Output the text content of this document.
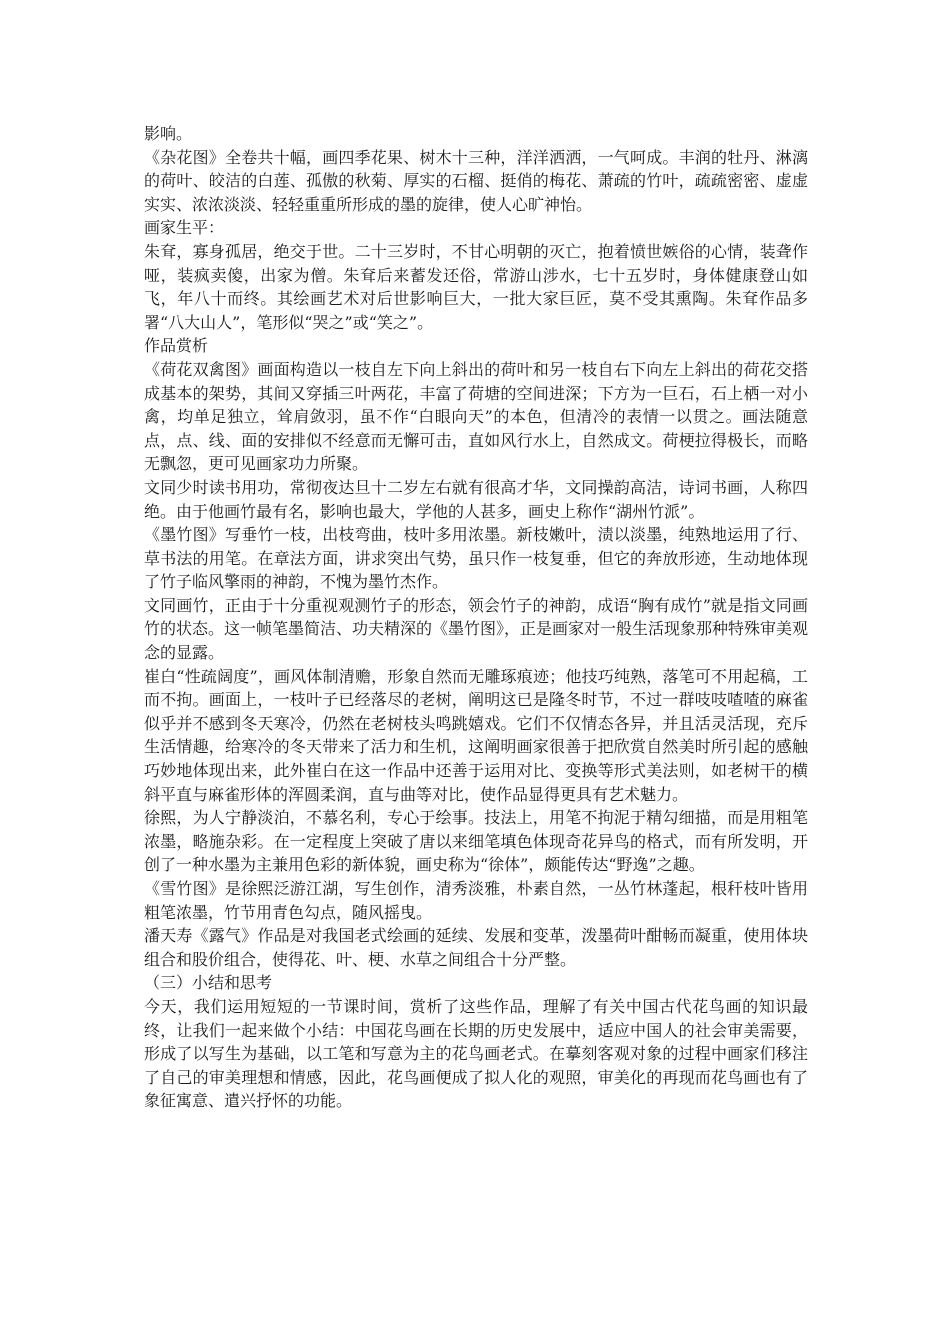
影响。

《杂花图》全卷共十幅，画四季花果、树木十三种，洋洋洒洒，一气呵成。丰润的牡丹、淋漓的荷叶、皎洁的白莲、孤傲的秋菊、厚实的石榴、挺俏的梅花、萧疏的竹叶，疏疏密密、虚虚实实、浓浓淡淡、轻轻重重所形成的墨的旋律，使人心旷神怡。

画家生平：

朱耷，寡身孤居，绝交于世。二十三岁时，不甘心明朝的灭亡，抱着愤世嫉俗的心情，装聋作哑，装疯卖傻，出家为僧。朱耷后来蓄发还俗，常游山涉水，七十五岁时，身体健康登山如飞，年八十而终。其绘画艺术对后世影响巨大，一批大家巨匠，莫不受其熏陶。朱耷作品多署“八大山人”，笔形似“哭之”或“笑之”。

作品赏析

《荷花双禽图》画面构造以一枝自左下向上斜出的荷叶和另一枝自右下向左上斜出的荷花交搭成基本的架势，其间又穿插三叶两花，丰富了荷塘的空间进深；下方为一巨石，石上栖一对小禽，均单足独立，耸肩敛羽，虽不作“白眼向天”的本色，但清冷的表情一以贯之。画法随意点，点、线、面的安排似不经意而无懈可击，直如风行水上，自然成文。荷梗拉得极长，而略无飘忽，更可见画家功力所聚。

文同少时读书用功，常彻夜达旦十二岁左右就有很高才华，文同操韵高洁，诗词书画，人称四绝。由于他画竹最有名，影响也最大，学他的人甚多，画史上称作“湖州竹派”。

《墨竹图》写垂竹一枝，出枝弯曲，枝叶多用浓墨。新枝嫩叶，渍以淡墨，纯熟地运用了行、草书法的用笔。在章法方面，讲求突出气势，虽只作一枝复垂，但它的奔放形迹，生动地体现了竹子临风擎雨的神韵，不愧为墨竹杰作。

文同画竹，正由于十分重视观测竹子的形态，领会竹子的神韵，成语“胸有成竹”就是指文同画竹的状态。这一帧笔墨简洁、功夫精深的《墨竹图》，正是画家对一般生活现象那种特殊审美观念的显露。

崔白“性疏阔度”，画风体制清赡，形象自然而无雕琢痕迹；他技巧纯熟，落笔可不用起稿，工而不拘。画面上，一枝叶子已经落尽的老树，阐明这已是隆冬时节，不过一群吱吱喳喳的麻雀似乎并不感到冬天寒冷，仍然在老树枝头鸣跳嬉戏。它们不仅情态各异，并且活灵活现，充斥生活情趣，给寒冷的冬天带来了活力和生机，这阐明画家很善于把欣赏自然美时所引起的感触巧妙地体现出来，此外崔白在这一作品中还善于运用对比、变换等形式美法则，如老树干的横斜平直与麻雀形体的浑圆柔润，直与曲等对比，使作品显得更具有艺术魅力。

徐熙，为人宁静淡泊，不慕名利，专心于绘事。技法上，用笔不拘泥于精勾细描，而是用粗笔浓墨，略施杂彩。在一定程度上突破了唐以来细笔填色体现奇花异鸟的格式，而有所发明，开创了一种水墨为主兼用色彩的新体貌，画史称为“徐体”，颇能传达“野逸”之趣。

《雪竹图》是徐熙泛游江湖，写生创作，清秀淡雅，朴素自然，一丛竹林蓬起，根秆枝叶皆用粗笔浓墨，竹节用青色勾点，随风摇曳。

潘天寿《露气》作品是对我国老式绘画的延续、发展和变革，泼墨荷叶酣畅而凝重，使用体块组合和股价组合，使得花、叶、梗、水草之间组合十分严整。

（三）小结和思考

今天，我们运用短短的一节课时间，赏析了这些作品，理解了有关中国古代花鸟画的知识最终，让我们一起来做个小结：中国花鸟画在长期的历史发展中，适应中国人的社会审美需要，形成了以写生为基础，以工笔和写意为主的花鸟画老式。在摹刻客观对象的过程中画家们移注了自己的审美理想和情感，因此，花鸟画便成了拟人化的观照，审美化的再现而花鸟画也有了象征寓意、遣兴抒怀的功能。
